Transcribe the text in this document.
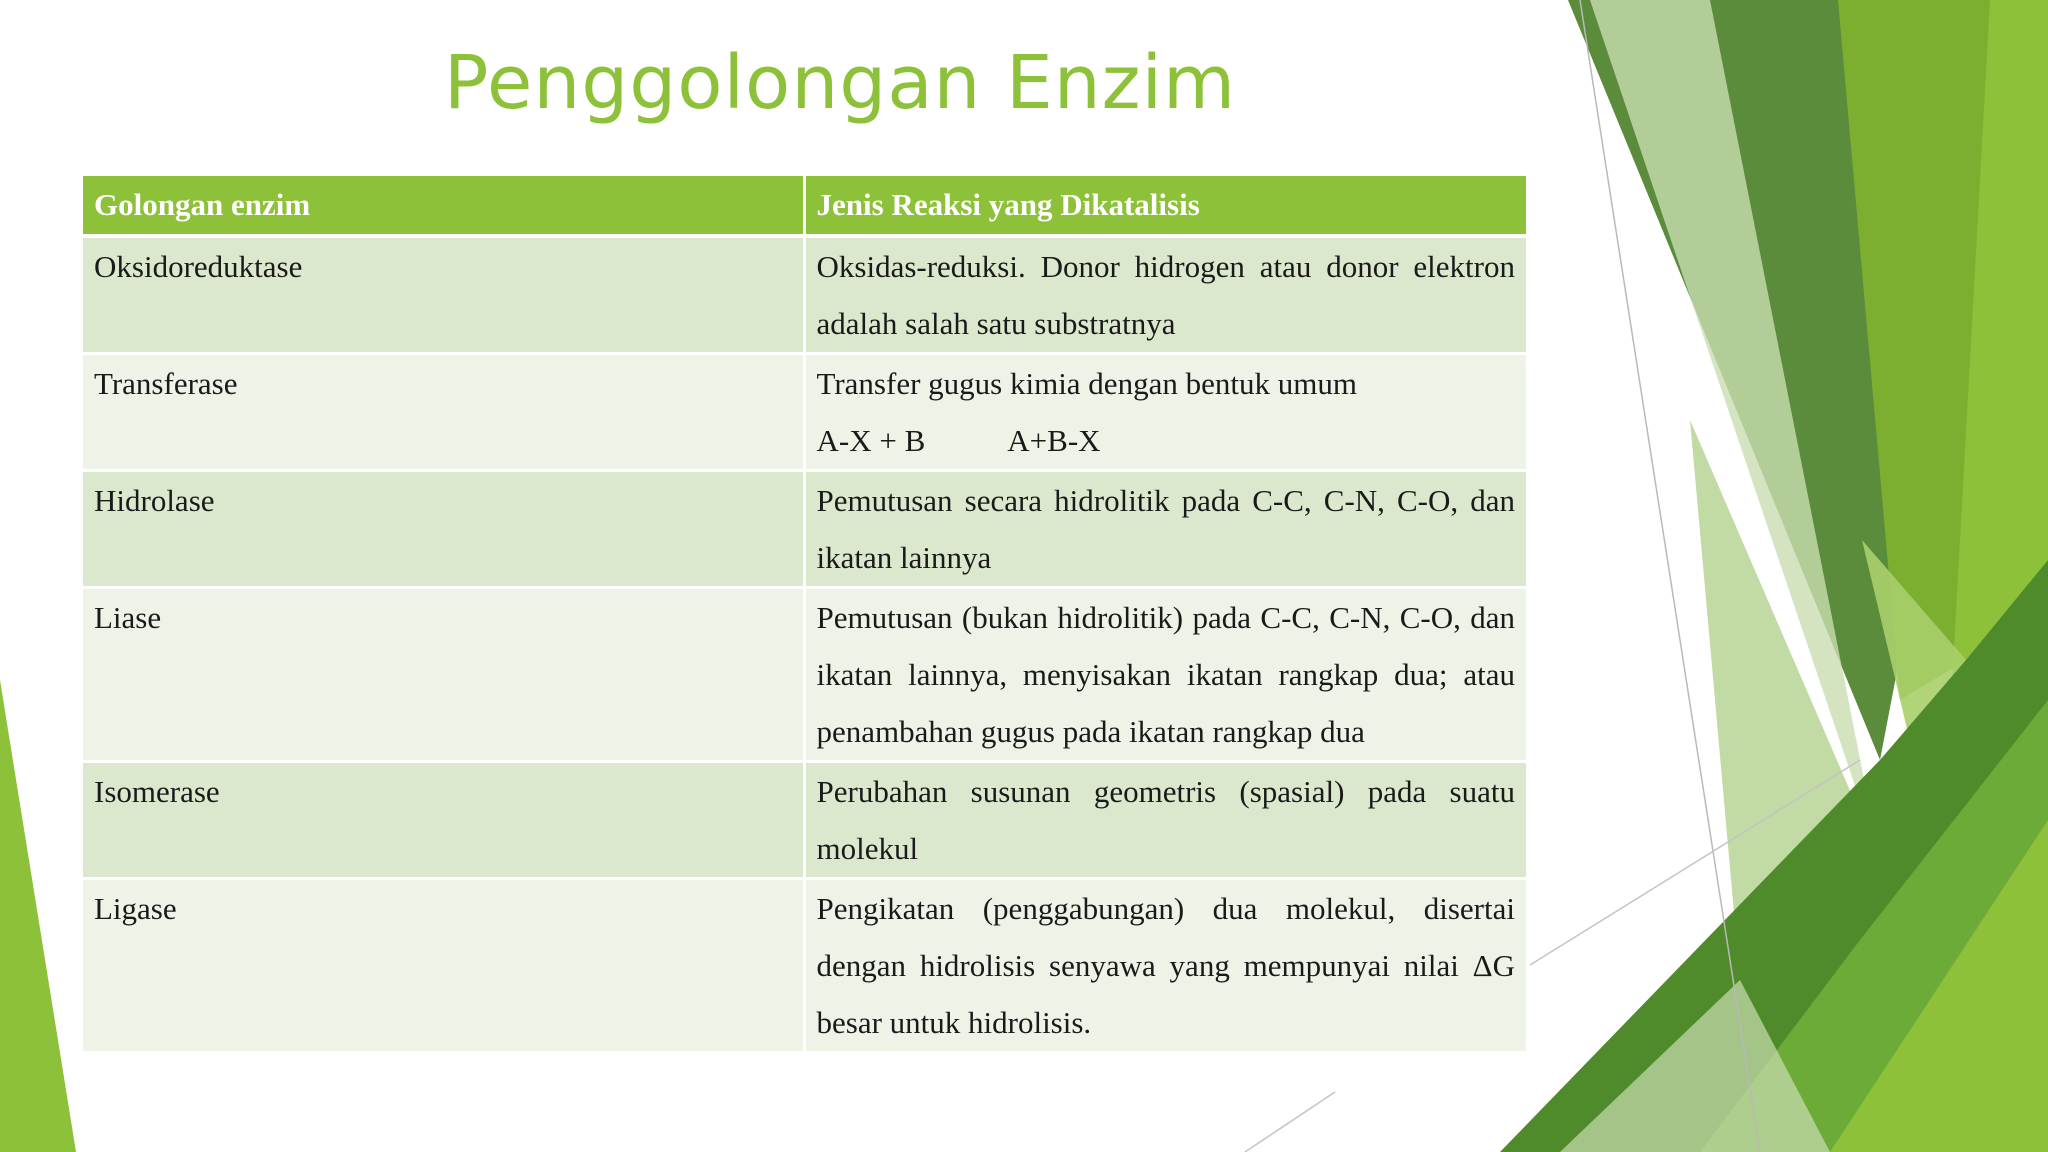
Penggolongan Enzim
Golongan enzim	Jenis Reaksi yang Dikatalisis
Oksidoreduktase	Oksidas-reduksi. Donor hidrogen atau donor elektron adalah salah satu substratnya
Transferase	Transfer gugus kimia dengan bentuk umum
A-X + B A+B-X

Hidrolase	Pemutusan secara hidrolitik pada C-C, C-N, C-O, dan ikatan lainnya
Liase	Pemutusan (bukan hidrolitik) pada C-C, C-N, C-O, dan ikatan lainnya, menyisakan ikatan rangkap dua; atau penambahan gugus pada ikatan rangkap dua
Isomerase	Perubahan susunan geometris (spasial) pada suatu molekul
Ligase	Pengikatan (penggabungan) dua molekul, disertai dengan hidrolisis senyawa yang mempunyai nilai ΔG besar untuk hidrolisis.
